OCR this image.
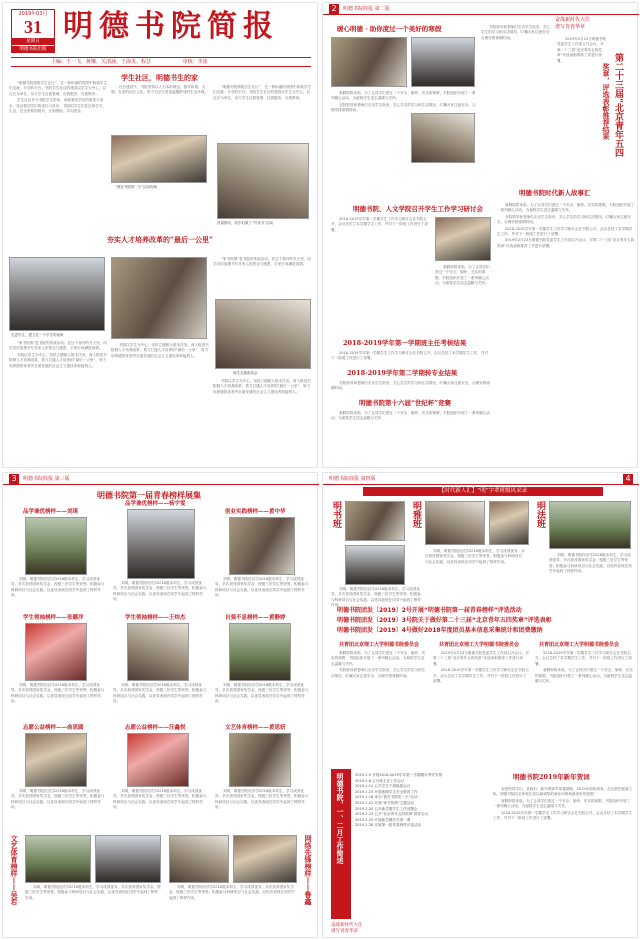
2019年03月
31
星期日
明德书院出版
明德书院简报
主编：王一飞、蒋娜、关清涵、王海炎、程芸	审核：李冰
学生社区，明德书生的家

“明德书院简报学生社区”，在一种和谐的氛围中构筑学生们交流、分享的平台。书院学生社区的建设以学生为中心，以社区为单位，实行学生自我管理、自我服务、自我教育。

学生社区作为书院学生的家，承载着同学们的欢笑与泪水，见证着同学们的成长与进步。书院的学生们在这里学习、生活，在这里相知相识，互相帮助，共同进步。

社区建设中，书院坚持以人为本的理念，倡导和谐、文明、友爱的社区文化，努力为学生营造温馨舒适的生活环境。

“我在书院的一天”活动现场

“明德书院简报学生社区”，在一种和谐的氛围中构筑学生们交流、分享的平台。书院学生社区的建设以学生为中心，以社区为单位，实行学生自我管理、自我服务、自我教育。

首届期末，同学们做了“写家书”活动
夯实人才培养改革的“最后一公里”
先进学生，建立在一个学生的视角

“家书传情”是书院的传统活动。在这个寒冷的冬天里，同学们用笔墨书写对家人的思念与感恩，字里行间满是真情。

书院以学生为中心，坚持立德树人根本任务，深入推进书院制人才培养改革，着力打通人才培养的“最后一公里”，努力培养德智体美劳全面发展的社会主义建设者和接班人。

书院以学生为中心，坚持立德树人根本任务，深入推进书院制人才培养改革，着力打通人才培养的“最后一公里”，努力培养德智体美劳全面发展的社会主义建设者和接班人。

“家书传情”是书院的传统活动。在这个寒冷的冬天里，同学们用笔墨书写对家人的思念与感恩，字里行间满是真情。

师生交流座谈会

书院以学生为中心，坚持立德树人根本任务，深入推进书院制人才培养改革，着力打通人才培养的“最后一公里”，努力培养德智体美劳全面发展的社会主义建设者和接班人。

2	明德书院简报 第二版
奋战新时代大任
谱写青春华章
暖心明德 · 助你度过一个美好的寒假

寒假即将来临，为了让同学们度过一个安全、愉快、充实的寒假，书院组织开展了一系列暖心活动，为留校学生送去温暖与关怀。

书院领导和老师们走访学生宿舍，关心学生的学习和生活情况，叮嘱大家注意安全，合理安排寒假时间。

书院领导和老师们走访学生宿舍，关心学生的学习和生活情况，叮嘱大家注意安全，合理安排寒假时间。	2019年2月23日明德书院党委学生工作部召开会议，对第二十三届“北京青年五四奖章”评选表彰推荐工作进行部署。	第二十三届“北京青年五四
奖章，评选表彰推荐结果
明德书院、人文学院召开学生工作学习研讨会

2018-2019学年第一学期学生工作学习研讨会在书院召开，会议总结了本学期学生工作，并对下一阶段工作进行了部署。

寒假即将来临，为了让同学们度过一个安全、愉快、充实的寒假，书院组织开展了一系列暖心活动，为留校学生送去温暖与关怀。

明德书院时代新人故事汇

寒假即将来临，为了让同学们度过一个安全、愉快、充实的寒假，书院组织开展了一系列暖心活动，为留校学生送去温暖与关怀。

书院领导和老师们走访学生宿舍，关心学生的学习和生活情况，叮嘱大家注意安全，合理安排寒假时间。

2018-2019学年第一学期学生工作学习研讨会在书院召开，会议总结了本学期学生工作，并对下一阶段工作进行了部署。

2019年2月23日明德书院党委学生工作部召开会议，对第二十三届“北京青年五四奖章”评选表彰推荐工作进行部署。

2018-2019学年第一学期班主任考核结果

2018-2019学年第一学期学生工作学习研讨会在书院召开，会议总结了本学期学生工作，并对下一阶段工作进行了部署。

2018-2019学年第二学期转专业结果

书院领导和老师们走访学生宿舍，关心学生的学习和生活情况，叮嘱大家注意安全，合理安排寒假时间。

明德书院第十六届“世纪杯”竞赛

寒假即将来临，为了让同学们度过一个安全、愉快、充实的寒假，书院组织开展了一系列暖心活动，为留校学生送去温暖与关怀。

3	明德书院简报 第三版
明德书院第一届青春榜样展集
品学兼优榜样——刘琪

刘琪，明德书院经济学2016级本科生，学习成绩优异，多次获得国家奖学金、校级三好学生等荣誉。积极参与科研项目与社会实践，以优异表现在同学中起到了榜样作用。

品学兼优榜样——杨宇雯

刘琪，明德书院经济学2016级本科生，学习成绩优异，多次获得国家奖学金、校级三好学生等荣誉。积极参与科研项目与社会实践，以优异表现在同学中起到了榜样作用。

创业实践榜样——黄中华

刘琪，明德书院经济学2016级本科生，学习成绩优异，多次获得国家奖学金、校级三好学生等荣誉。积极参与科研项目与社会实践，以优异表现在同学中起到了榜样作用。

学生领袖榜样——张璐洋

刘琪，明德书院经济学2016级本科生，学习成绩优异，多次获得国家奖学金、校级三好学生等荣誉。积极参与科研项目与社会实践，以优异表现在同学中起到了榜样作用。

学生领袖榜样——王炜杰

刘琪，明德书院经济学2016级本科生，学习成绩优异，多次获得国家奖学金、校级三好学生等荣誉。积极参与科研项目与社会实践，以优异表现在同学中起到了榜样作用。

自强不息榜样——黄静婷

刘琪，明德书院经济学2016级本科生，学习成绩优异，多次获得国家奖学金、校级三好学生等荣誉。积极参与科研项目与社会实践，以优异表现在同学中起到了榜样作用。

志愿公益榜样——俞思圆

刘琪，明德书院经济学2016级本科生，学习成绩优异，多次获得国家奖学金、校级三好学生等荣誉。积极参与科研项目与社会实践，以优异表现在同学中起到了榜样作用。

志愿公益榜样——汪鑫悦

刘琪，明德书院经济学2016级本科生，学习成绩优异，多次获得国家奖学金、校级三好学生等荣誉。积极参与科研项目与社会实践，以优异表现在同学中起到了榜样作用。

文艺体育榜样——黄思妍

刘琪，明德书院经济学2016级本科生，学习成绩优异，多次获得国家奖学金、校级三好学生等荣誉。积极参与科研项目与社会实践，以优异表现在同学中起到了榜样作用。

文艺体育榜样——吴若	刘琪，明德书院经济学2016级本科生，学习成绩优异，多次获得国家奖学金、校级三好学生等荣誉。积极参与科研项目与社会实践，以优异表现在同学中起到了榜样作用。

刘琪，明德书院经济学2016级本科生，学习成绩优异，多次获得国家奖学金、校级三好学生等荣誉。积极参与科研项目与社会实践，以优异表现在同学中起到了榜样作用。	网络先锋榜样——鲁鑫
明德书院简报 第四版	4
【时代新人汇】“明”字辈班级风采录
明书班	明雅班

刘琪，明德书院经济学2016级本科生，学习成绩优异，多次获得国家奖学金、校级三好学生等荣誉。积极参与科研项目与社会实践，以优异表现在同学中起到了榜样作用。

明法班

刘琪，明德书院经济学2016级本科生，学习成绩优异，多次获得国家奖学金、校级三好学生等荣誉。积极参与科研项目与社会实践，以优异表现在同学中起到了榜样作用。

刘琪，明德书院经济学2016级本科生，学习成绩优异，多次获得国家奖学金、校级三好学生等荣誉。积极参与科研项目与社会实践，以优异表现在同学中起到了榜样作用。

明德书院团发〔2019〕2号开展“明德书院第一届青春榜样”评选活动
明德书院团发〔2019〕3号院关于做好第二十三届“北京青年五四奖章”评选表彰
明德书院团发〔2019〕4号做好2018年度团员基本信息采集统计和团费缴纳
共青团北京理工大学明德书院委员会	共青团北京理工大学明德书院委员会	共青团北京理工大学明德书院委员会

寒假即将来临，为了让同学们度过一个安全、愉快、充实的寒假，书院组织开展了一系列暖心活动，为留校学生送去温暖与关怀。

书院领导和老师们走访学生宿舍，关心学生的学习和生活情况，叮嘱大家注意安全，合理安排寒假时间。

2019年2月23日明德书院党委学生工作部召开会议，对第二十三届“北京青年五四奖章”评选表彰推荐工作进行部署。

2018-2019学年第一学期学生工作学习研讨会在书院召开，会议总结了本学期学生工作，并对下一阶段工作进行了部署。

2018-2019学年第一学期学生工作学习研讨会在书院召开，会议总结了本学期学生工作，并对下一阶段工作进行了部署。

寒假即将来临，为了让同学们度过一个安全、愉快、充实的寒假，书院组织开展了一系列暖心活动，为留校学生送去温暖与关怀。

明德书院，一、二月工作简述	2019.1.5 开展2018-2019学年第一学期期末考试安排
2019.1.8 召开班主任工作会议
2019.1.11 召开学生干部换届会议
2019.1.15 开展寒假学生安全教育工作
2019.1.18 举办“我在书院的一天”活动
2019.1.22 开展“家书传情”主题活动
2019.2.20 召开新学期学生工作部署会
2019.2.23 召开“北京青年五四奖章”推荐会议
2019.2.25 开展新学期开学第一课
2019.2.28 开展第一届青春榜样评选活动
明德书院2019年新年贺词

亲爱的同学们、老师们：新年的钟声即将敲响，2019年即将到来。在这辞旧迎新之际，明德书院向全体师生致以最诚挚的新年问候和最美好的祝愿！

寒假即将来临，为了让同学们度过一个安全、愉快、充实的寒假，书院组织开展了一系列暖心活动，为留校学生送去温暖与关怀。

2018-2019学年第一学期学生工作学习研讨会在书院召开，会议总结了本学期学生工作，并对下一阶段工作进行了部署。

奋战新时代大任
谱写青春华章
